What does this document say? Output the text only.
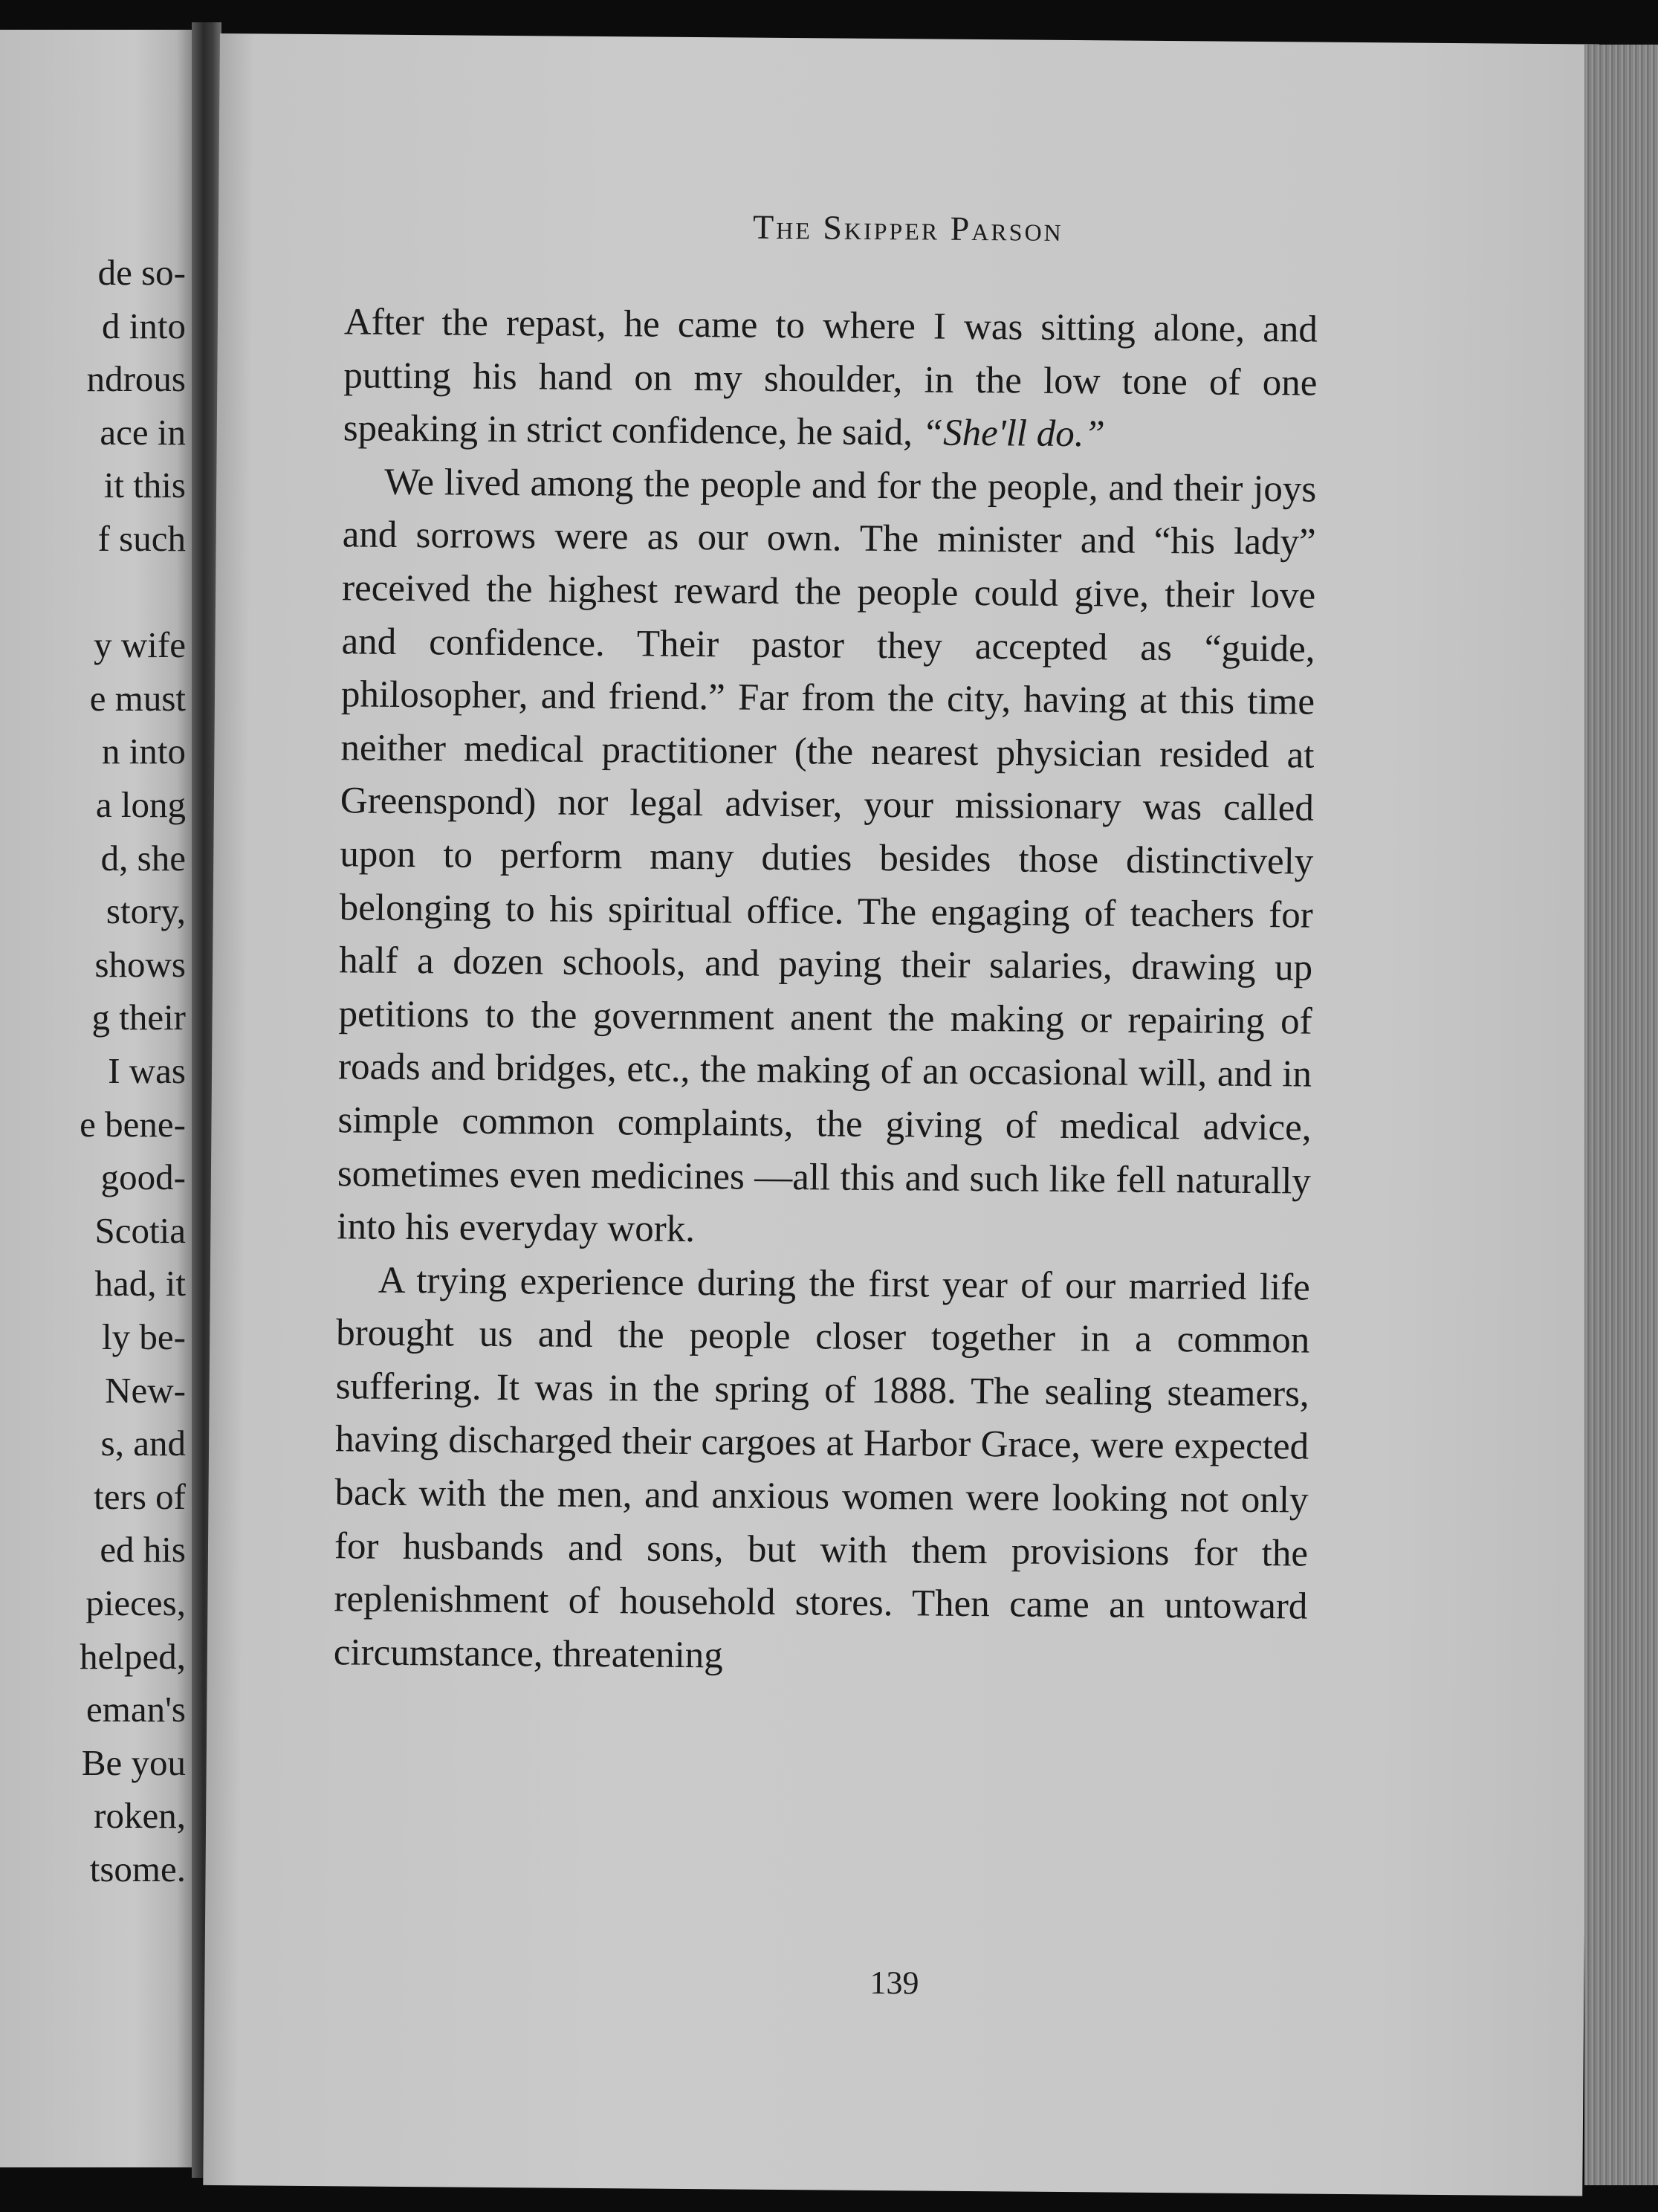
de so-
d into
ndrous
ace in
it this
f such
y wife
e must
n into
a long
d, she
story,
shows
g their
I was
e bene-
good-
Scotia
had, it
ly be-
New-
s, and
ters of
ed his
pieces,
helped,
eman's
Be you
roken,
tsome.
The Skipper Parson

After the repast, he came to where I was sitting alone, and putting his hand on my shoulder, in the low tone of one speaking in strict confidence, he said, “She'll do.”

We lived among the people and for the people, and their joys and sorrows were as our own. The minister and “his lady” received the highest reward the people could give, their love and confidence. Their pastor they accepted as “guide, philosopher, and friend.” Far from the city, having at this time neither medical practitioner (the nearest physician resided at Greenspond) nor legal adviser, your missionary was called upon to perform many duties besides those distinctively belonging to his spiritual office. The engaging of teachers for half a dozen schools, and paying their salaries, drawing up petitions to the government anent the making or repairing of roads and bridges, etc., the making of an occasional will, and in simple common complaints, the giving of medical advice, sometimes even medicines —all this and such like fell naturally into his everyday work.

A trying experience during the first year of our married life brought us and the people closer together in a common suffering. It was in the spring of 1888. The sealing steamers, having discharged their cargoes at Harbor Grace, were expected back with the men, and anxious women were looking not only for husbands and sons, but with them provisions for the replenishment of household stores. Then came an untoward circumstance, threatening

139
